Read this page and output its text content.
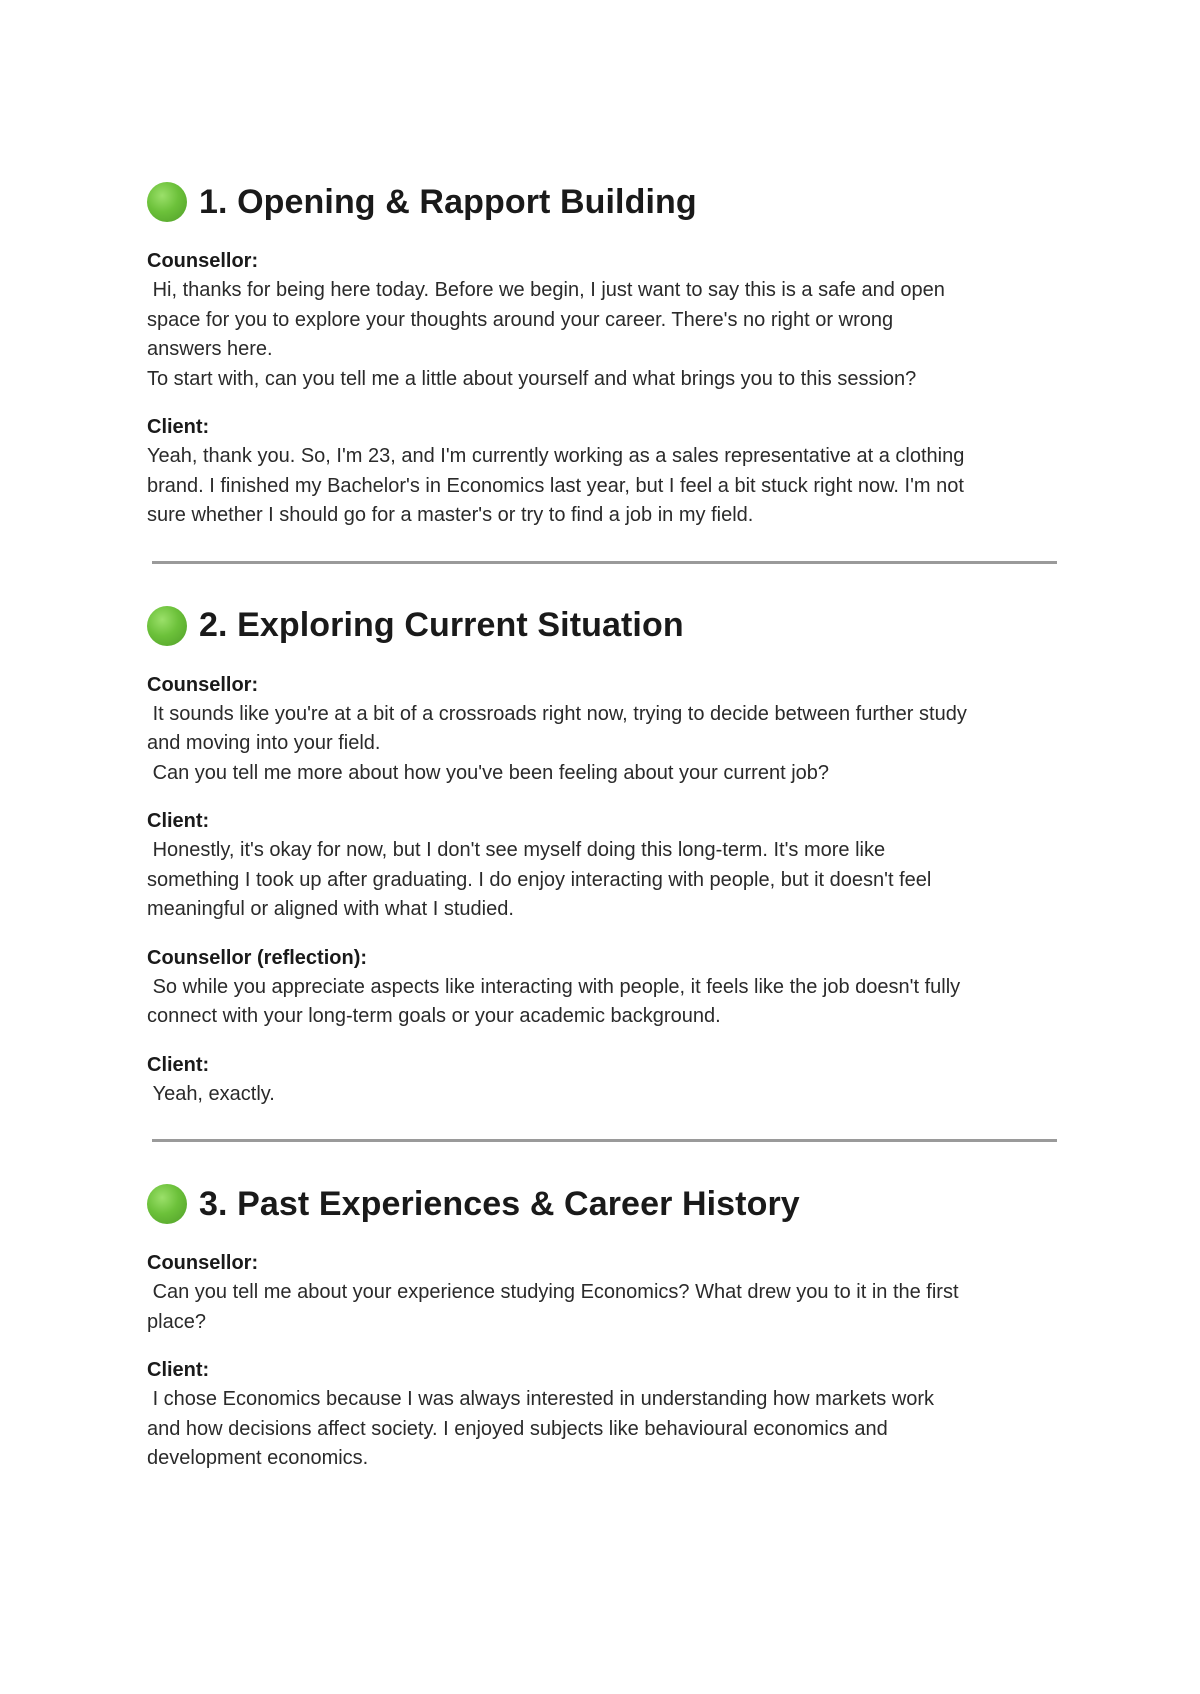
1. Opening & Rapport Building
Counsellor:
Hi, thanks for being here today. Before we begin, I just want to say this is a safe and open
space for you to explore your thoughts around your career. There's no right or wrong
answers here.
To start with, can you tell me a little about yourself and what brings you to this session?
Client:
Yeah, thank you. So, I'm 23, and I'm currently working as a sales representative at a clothing
brand. I finished my Bachelor's in Economics last year, but I feel a bit stuck right now. I'm not
sure whether I should go for a master's or try to find a job in my field.
2. Exploring Current Situation
Counsellor:
It sounds like you're at a bit of a crossroads right now, trying to decide between further study
and moving into your field.
Can you tell me more about how you've been feeling about your current job?
Client:
Honestly, it's okay for now, but I don't see myself doing this long-term. It's more like
something I took up after graduating. I do enjoy interacting with people, but it doesn't feel
meaningful or aligned with what I studied.
Counsellor (reflection):
So while you appreciate aspects like interacting with people, it feels like the job doesn't fully
connect with your long-term goals or your academic background.
Client:
Yeah, exactly.
3. Past Experiences & Career History
Counsellor:
Can you tell me about your experience studying Economics? What drew you to it in the first
place?
Client:
I chose Economics because I was always interested in understanding how markets work
and how decisions affect society. I enjoyed subjects like behavioural economics and
development economics.
